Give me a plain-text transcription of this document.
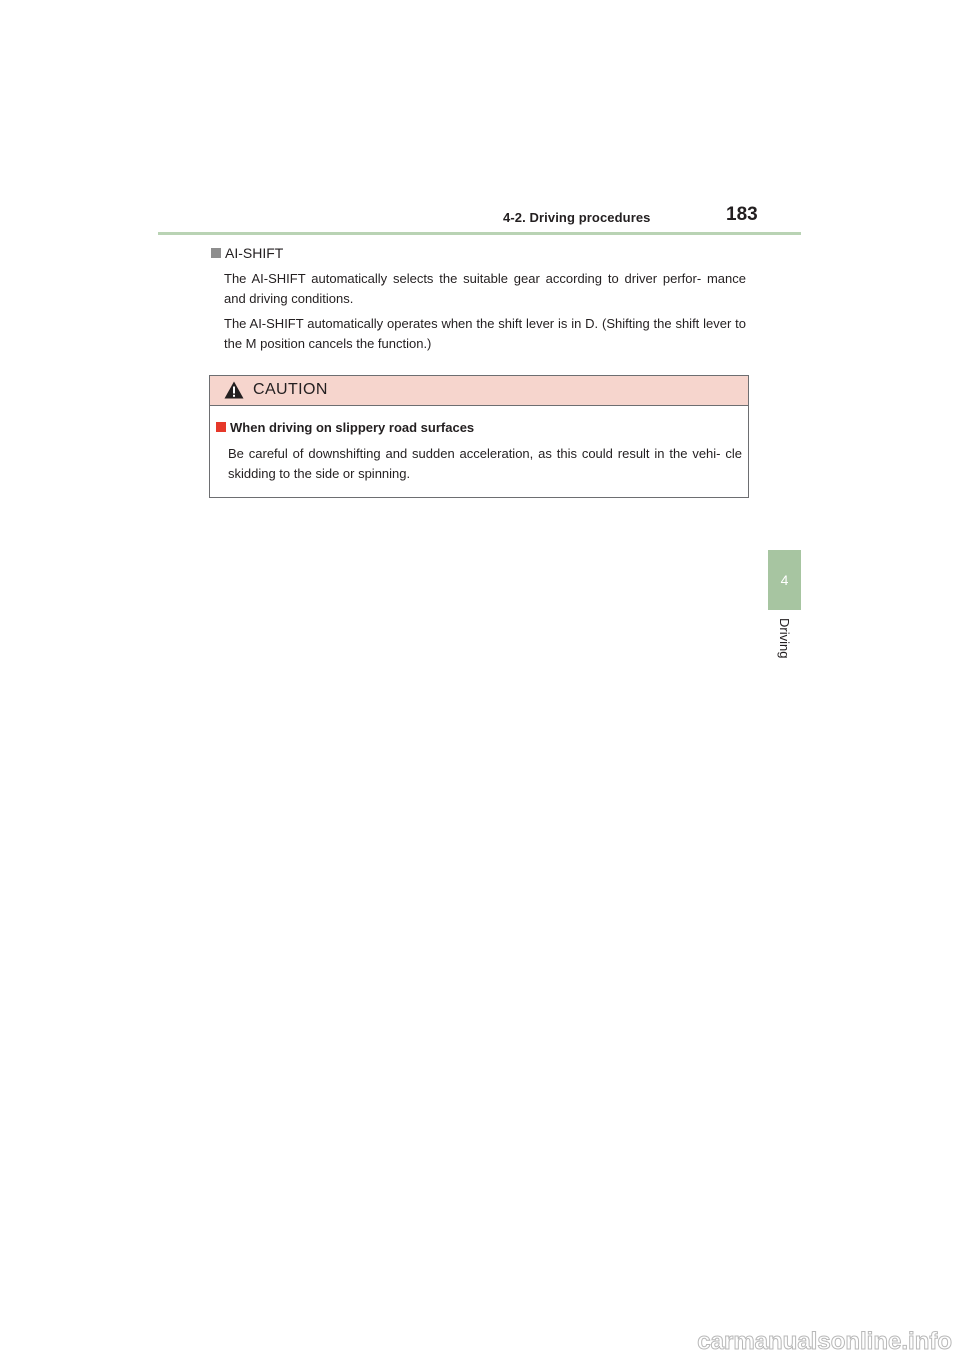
4-2. Driving procedures	183
4
Driving
AI-SHIFT
The AI-SHIFT automatically selects the suitable gear according to driver perfor- mance and driving conditions.
The AI-SHIFT automatically operates when the shift lever is in D. (Shifting the shift lever to the M position cancels the function.)
CAUTION
When driving on slippery road surfaces
Be careful of downshifting and sudden acceleration, as this could result in the vehi- cle skidding to the side or spinning.
carmanualsonline.info
